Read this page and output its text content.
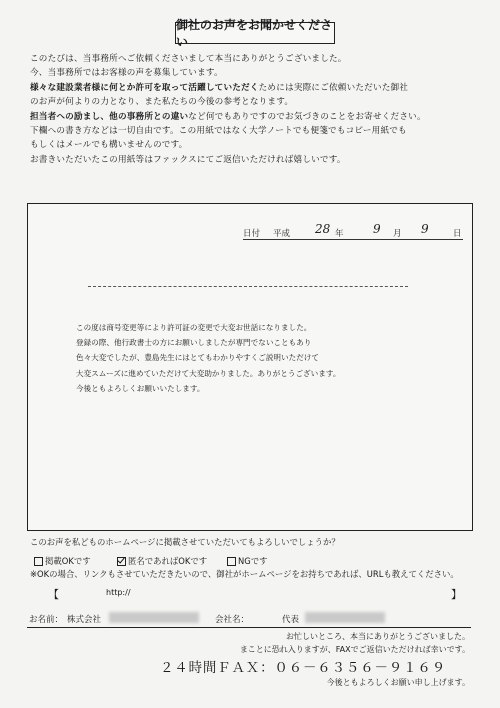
御社のお声をお聞かせください

このたびは、当事務所へご依頼くださいまして本当にありがとうございました。

今、当事務所ではお客様の声を募集しています。

様々な建設業者様に何とか許可を取って活躍していただくためには実際にご依頼いただいた御社

のお声が何よりの力となり、また私たちの今後の参考となります。

担当者への励まし、他の事務所との違いなど何でもありですのでお気づきのことをお寄せください。

下欄への書き方などは一切自由です。この用紙ではなく大学ノートでも便箋でもコピー用紙でも

もしくはメールでも構いませんのです。

お書きいただいたこの用紙等はファックスにてご返信いただければ嬉しいです。

日付 平成 28 年 9 月 9	日

この度は商号変更等により許可証の変更で大変お世話になりました。

登録の際、他行政書士の方にお願いしましたが専門でないこともあり

色々大変でしたが、豊島先生にはとてもわかりやすくご説明いただけて

大変スムーズに進めていただけて大変助かりました。ありがとうございます。

今後ともよろしくお願いいたします。

このお声を私どものホームページに掲載させていただいてもよろしいでしょうか？

掲載OKです	匿名であればOKです	NGです

※OKの場合、リンクもさせていただきたいので、御社がホームページをお持ちであれば、URLも教えてください。

【	http://	】
お名前： 株式会社	会社名：	代表

お忙しいところ、本当にありがとうございました。

まことに恐れ入りますが、FAXでご返信いただければ幸いです。

２４時間ＦＡＸ：０６－６３５６－９１６９
今後ともよろしくお願い申し上げます。
